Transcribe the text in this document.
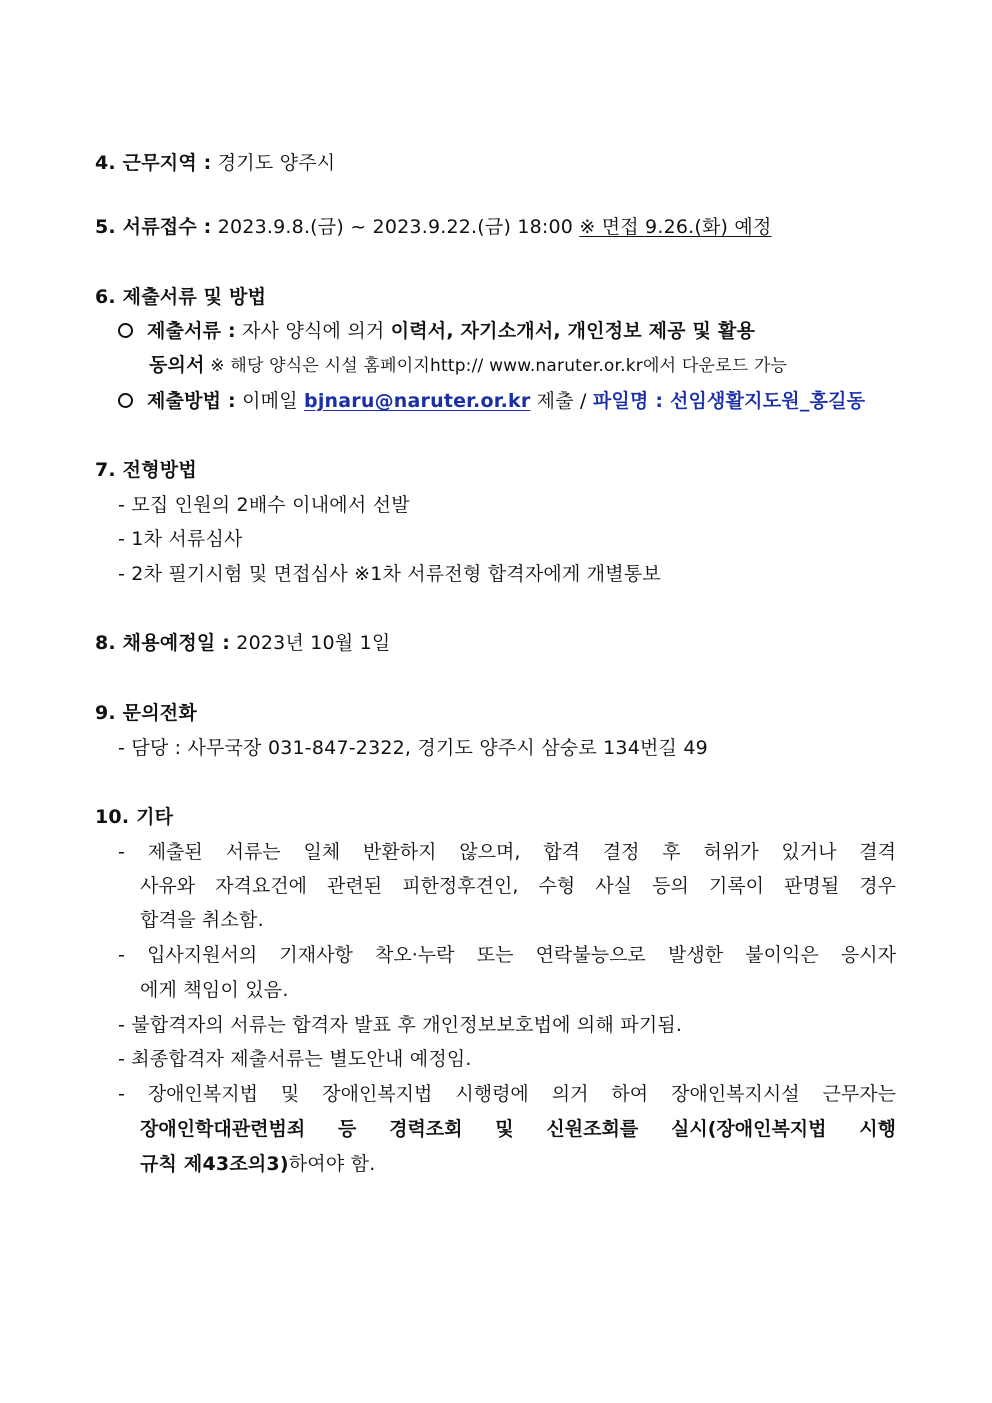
4. 근무지역 : 경기도 양주시
5. 서류접수 : 2023.9.8.(금) ~ 2023.9.22.(금) 18:00 ※ 면접 9.26.(화) 예정
6. 제출서류 및 방법
제출서류 : 자사 양식에 의거 이력서, 자기소개서, 개인정보 제공 및 활용
동의서 ※ 해당 양식은 시설 홈페이지http:// www.naruter.or.kr에서 다운로드 가능
제출방법 : 이메일 bjnaru@naruter.or.kr 제출 / 파일명 : 선임생활지도원_홍길동
7. 전형방법
- 모집 인원의 2배수 이내에서 선발
- 1차 서류심사
- 2차 필기시험 및 면접심사 ※1차 서류전형 합격자에게 개별통보
8. 채용예정일 : 2023년 10월 1일
9. 문의전화
- 담당 : 사무국장 031-847-2322, 경기도 양주시 삼숭로 134번길 49
10. 기타
- 제출된 서류는 일체 반환하지 않으며, 합격 결정 후 허위가 있거나 결격
사유와 자격요건에 관련된 피한정후견인, 수형 사실 등의 기록이 판명될 경우
합격을 취소함.
- 입사지원서의 기재사항 착오·누락 또는 연락불능으로 발생한 불이익은 응시자
에게 책임이 있음.
- 불합격자의 서류는 합격자 발표 후 개인정보보호법에 의해 파기됨.
- 최종합격자 제출서류는 별도안내 예정임.
- 장애인복지법 및 장애인복지법 시행령에 의거 하여 장애인복지시설 근무자는
장애인학대관련범죄 등 경력조회 및 신원조회를 실시(장애인복지법 시행
규칙 제43조의3)하여야 함.
